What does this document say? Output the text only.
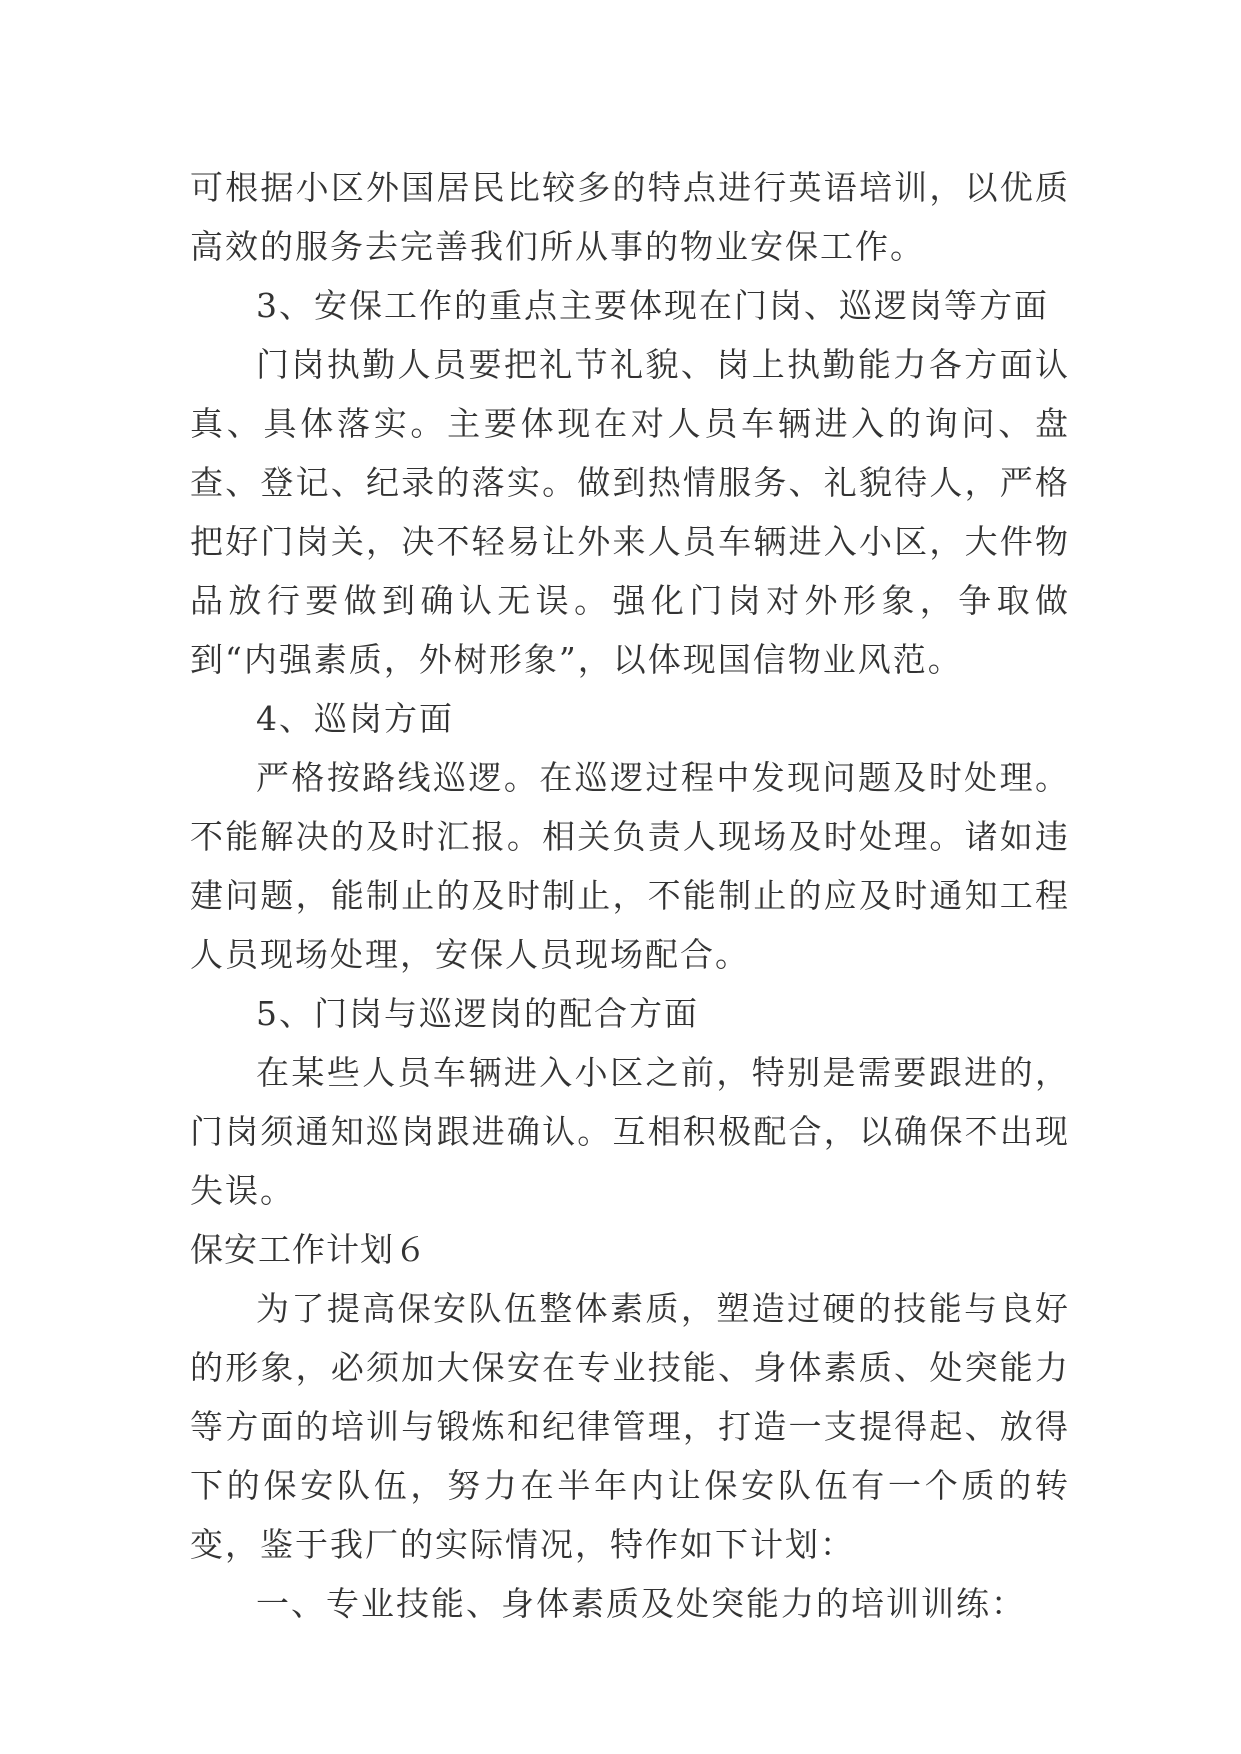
可根据小区外国居民比较多的特点进行英语培训，以优质高效的服务去完善我们所从事的物业安保工作。

3、安保工作的重点主要体现在门岗、巡逻岗等方面

门岗执勤人员要把礼节礼貌、岗上执勤能力各方面认真、具体落实。主要体现在对人员车辆进入的询问、盘查、登记、纪录的落实。做到热情服务、礼貌待人，严格把好门岗关，决不轻易让外来人员车辆进入小区，大件物品放行要做到确认无误。强化门岗对外形象，争取做到“内强素质，外树形象”，以体现国信物业风范。

4、巡岗方面

严格按路线巡逻。在巡逻过程中发现问题及时处理。不能解决的及时汇报。相关负责人现场及时处理。诸如违建问题，能制止的及时制止，不能制止的应及时通知工程人员现场处理，安保人员现场配合。

5、门岗与巡逻岗的配合方面

在某些人员车辆进入小区之前，特别是需要跟进的，门岗须通知巡岗跟进确认。互相积极配合，以确保不出现失误。

保安工作计划６

为了提高保安队伍整体素质，塑造过硬的技能与良好的形象，必须加大保安在专业技能、身体素质、处突能力等方面的培训与锻炼和纪律管理，打造一支提得起、放得下的保安队伍，努力在半年内让保安队伍有一个质的转变，鉴于我厂的实际情况，特作如下计划：

一、专业技能、身体素质及处突能力的培训训练：
